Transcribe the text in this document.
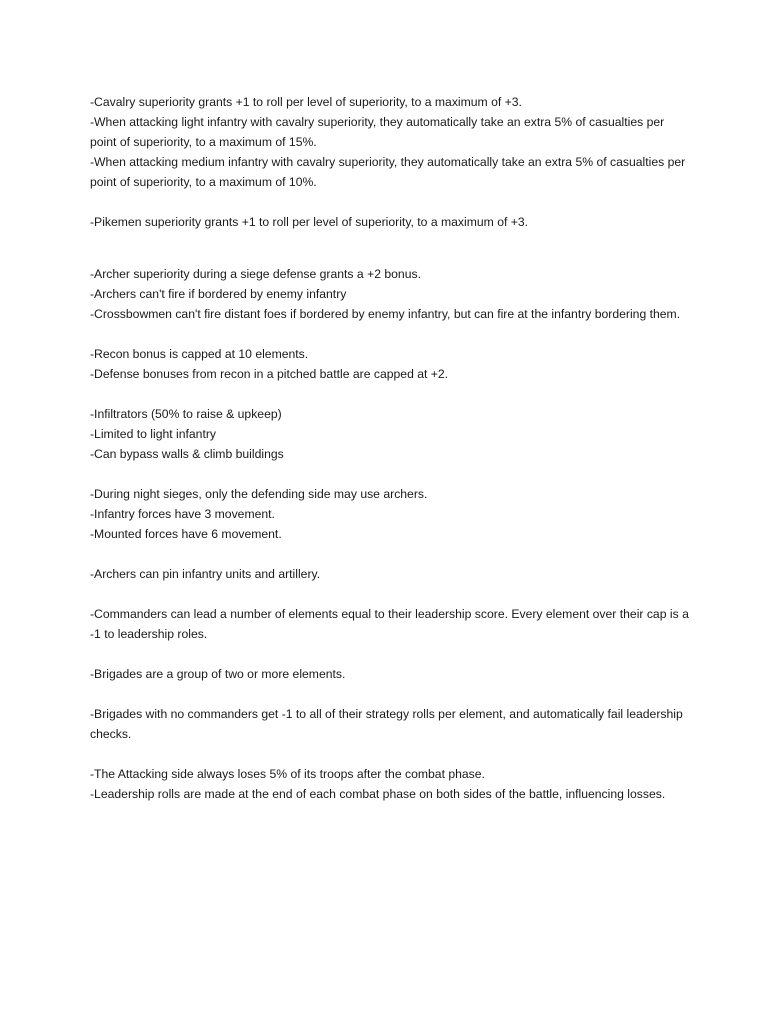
-Cavalry superiority grants +1 to roll per level of superiority, to a maximum of +3.

-When attacking light infantry with cavalry superiority, they automatically take an extra 5% of casualties per point of superiority, to a maximum of 15%.

-When attacking medium infantry with cavalry superiority, they automatically take an extra 5% of casualties per point of superiority, to a maximum of 10%.

-Pikemen superiority grants +1 to roll per level of superiority, to a maximum of +3.

-Archer superiority during a siege defense grants a +2 bonus.

-Archers can't fire if bordered by enemy infantry

-Crossbowmen can't fire distant foes if bordered by enemy infantry, but can fire at the infantry bordering them.

-Recon bonus is capped at 10 elements.

-Defense bonuses from recon in a pitched battle are capped at +2.

-Infiltrators (50% to raise & upkeep)

-Limited to light infantry

-Can bypass walls & climb buildings

-During night sieges, only the defending side may use archers.

-Infantry forces have 3 movement.

-Mounted forces have 6 movement.

-Archers can pin infantry units and artillery.

-Commanders can lead a number of elements equal to their leadership score. Every element over their cap is a -1 to leadership roles.

-Brigades are a group of two or more elements.

-Brigades with no commanders get -1 to all of their strategy rolls per element, and automatically fail leadership checks.

-The Attacking side always loses 5% of its troops after the combat phase.

-Leadership rolls are made at the end of each combat phase on both sides of the battle, influencing losses.
